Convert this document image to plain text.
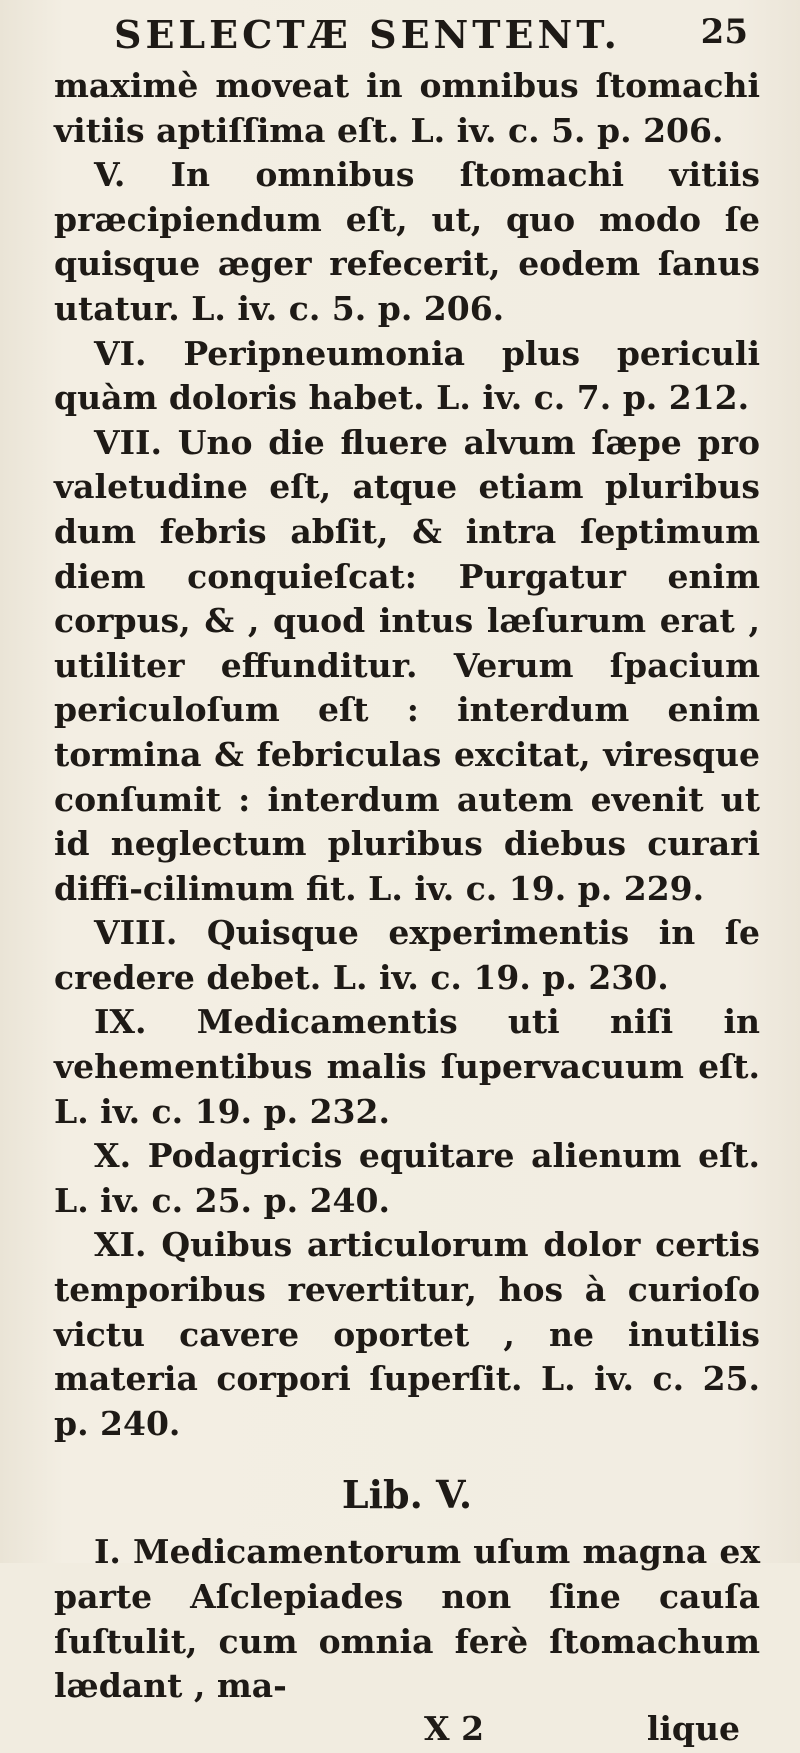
SELECTÆ SENTENT. 25

maximè moveat in omnibus ſtomachi vitiis aptiſſima eſt. L. iv. c. 5. p. 206.

V. In omnibus ſtomachi vitiis præcipiendum eſt, ut, quo modo ſe quisque æger refecerit, eodem ſanus utatur. L. iv. c. 5. p. 206.

VI. Peripneumonia plus periculi quàm doloris habet. L. iv. c. 7. p. 212.

VII. Uno die fluere alvum ſæpe pro valetudine eſt, atque etiam pluribus dum febris abſit, & intra ſeptimum diem conquieſcat: Purgatur enim corpus, & , quod intus læſurum erat , utiliter effunditur. Verum ſpacium periculoſum eſt : interdum enim tormina & febriculas excitat, viresque conſumit : interdum autem evenit ut id neglectum pluribus diebus curari diffi-cilimum fit. L. iv. c. 19. p. 229.

VIII. Quisque experimentis in ſe credere debet. L. iv. c. 19. p. 230.

IX. Medicamentis uti niſi in vehementibus malis ſupervacuum eſt. L. iv. c. 19. p. 232.

X. Podagricis equitare alienum eſt. L. iv. c. 25. p. 240.

XI. Quibus articulorum dolor certis temporibus revertitur, hos à curioſo victu cavere oportet , ne inutilis materia corpori ſuperſit. L. iv. c. 25. p. 240.

Lib. V.

I. Medicamentorum uſum magna ex parte Aſclepiades non ſine cauſa ſuſtulit, cum omnia ferè ſtomachum lædant , ma-

X 2	lique
